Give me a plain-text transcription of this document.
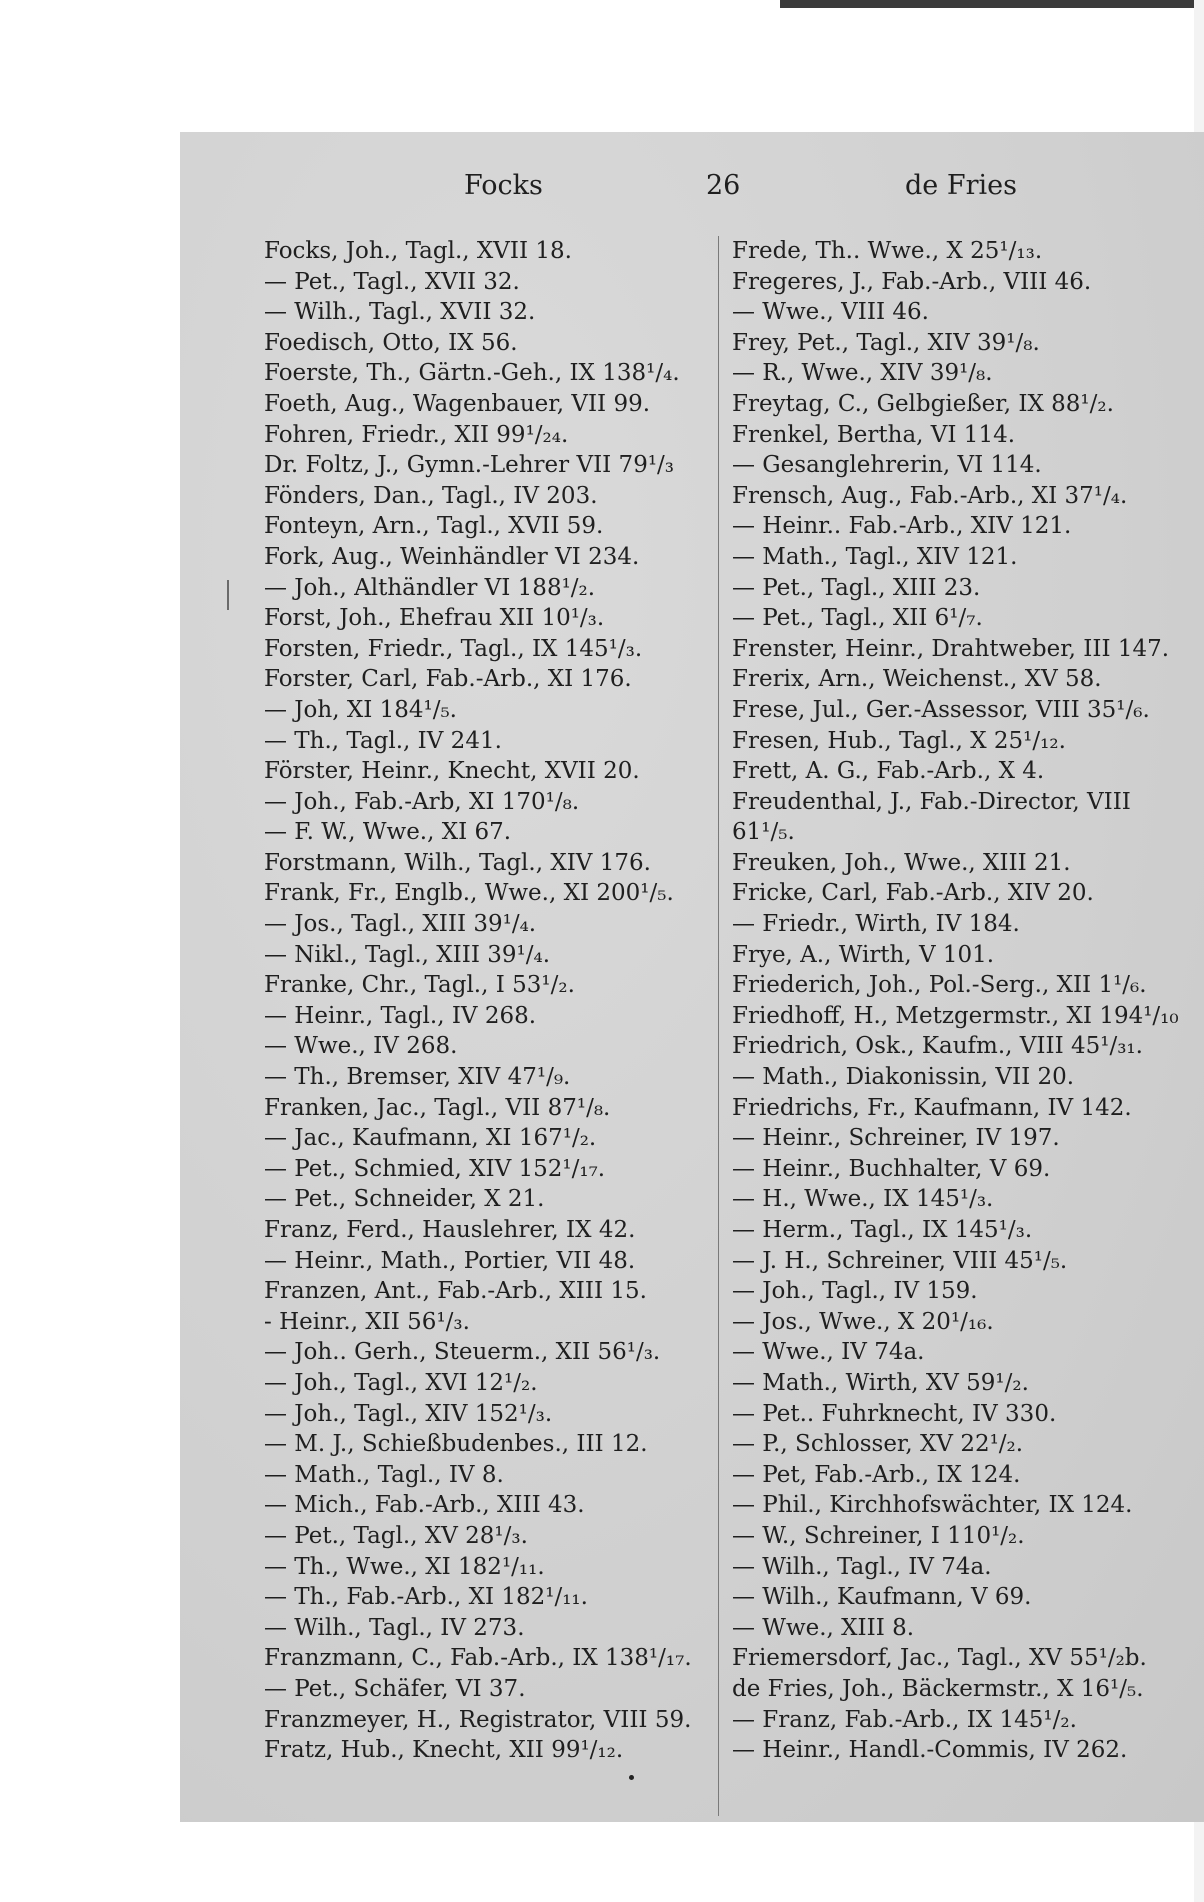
Focks	26	de Fries
Focks, Joh., Tagl., XVII 18.
— Pet., Tagl., XVII 32.
— Wilh., Tagl., XVII 32.
Foedisch, Otto, IX 56.
Foerste, Th., Gärtn.-Geh., IX 138¹/₄.
Foeth, Aug., Wagenbauer, VII 99.
Fohren, Friedr., XII 99¹/₂₄.
Dr. Foltz, J., Gymn.-Lehrer VII 79¹/₃
Fönders, Dan., Tagl., IV 203.
Fonteyn, Arn., Tagl., XVII 59.
Fork, Aug., Weinhändler VI 234.
— Joh., Althändler VI 188¹/₂.
Forst, Joh., Ehefrau XII 10¹/₃.
Forsten, Friedr., Tagl., IX 145¹/₃.
Forster, Carl, Fab.-Arb., XI 176.
— Joh, XI 184¹/₅.
— Th., Tagl., IV 241.
Förster, Heinr., Knecht, XVII 20.
— Joh., Fab.-Arb, XI 170¹/₈.
— F. W., Wwe., XI 67.
Forstmann, Wilh., Tagl., XIV 176.
Frank, Fr., Englb., Wwe., XI 200¹/₅.
— Jos., Tagl., XIII 39¹/₄.
— Nikl., Tagl., XIII 39¹/₄.
Franke, Chr., Tagl., I 53¹/₂.
— Heinr., Tagl., IV 268.
— Wwe., IV 268.
— Th., Bremser, XIV 47¹/₉.
Franken, Jac., Tagl., VII 87¹/₈.
— Jac., Kaufmann, XI 167¹/₂.
— Pet., Schmied, XIV 152¹/₁₇.
— Pet., Schneider, X 21.
Franz, Ferd., Hauslehrer, IX 42.
— Heinr., Math., Portier, VII 48.
Franzen, Ant., Fab.-Arb., XIII 15.
- Heinr., XII 56¹/₃.
— Joh.. Gerh., Steuerm., XII 56¹/₃.
— Joh., Tagl., XVI 12¹/₂.
— Joh., Tagl., XIV 152¹/₃.
— M. J., Schießbudenbes., III 12.
— Math., Tagl., IV 8.
— Mich., Fab.-Arb., XIII 43.
— Pet., Tagl., XV 28¹/₃.
— Th., Wwe., XI 182¹/₁₁.
— Th., Fab.-Arb., XI 182¹/₁₁.
— Wilh., Tagl., IV 273.
Franzmann, C., Fab.-Arb., IX 138¹/₁₇.
— Pet., Schäfer, VI 37.
Franzmeyer, H., Registrator, VIII 59.
Fratz, Hub., Knecht, XII 99¹/₁₂.
Frede, Th.. Wwe., X 25¹/₁₃.
Fregeres, J., Fab.-Arb., VIII 46.
— Wwe., VIII 46.
Frey, Pet., Tagl., XIV 39¹/₈.
— R., Wwe., XIV 39¹/₈.
Freytag, C., Gelbgießer, IX 88¹/₂.
Frenkel, Bertha, VI 114.
— Gesanglehrerin, VI 114.
Frensch, Aug., Fab.-Arb., XI 37¹/₄.
— Heinr.. Fab.-Arb., XIV 121.
— Math., Tagl., XIV 121.
— Pet., Tagl., XIII 23.
— Pet., Tagl., XII 6¹/₇.
Frenster, Heinr., Drahtweber, III 147.
Frerix, Arn., Weichenst., XV 58.
Frese, Jul., Ger.-Assessor, VIII 35¹/₆.
Fresen, Hub., Tagl., X 25¹/₁₂.
Frett, A. G., Fab.-Arb., X 4.
Freudenthal, J., Fab.-Director, VIII
61¹/₅.
Freuken, Joh., Wwe., XIII 21.
Fricke, Carl, Fab.-Arb., XIV 20.
— Friedr., Wirth, IV 184.
Frye, A., Wirth, V 101.
Friederich, Joh., Pol.-Serg., XII 1¹/₆.
Friedhoff, H., Metzgermstr., XI 194¹/₁₀
Friedrich, Osk., Kaufm., VIII 45¹/₃₁.
— Math., Diakonissin, VII 20.
Friedrichs, Fr., Kaufmann, IV 142.
— Heinr., Schreiner, IV 197.
— Heinr., Buchhalter, V 69.
— H., Wwe., IX 145¹/₃.
— Herm., Tagl., IX 145¹/₃.
— J. H., Schreiner, VIII 45¹/₅.
— Joh., Tagl., IV 159.
— Jos., Wwe., X 20¹/₁₆.
— Wwe., IV 74a.
— Math., Wirth, XV 59¹/₂.
— Pet.. Fuhrknecht, IV 330.
— P., Schlosser, XV 22¹/₂.
— Pet, Fab.-Arb., IX 124.
— Phil., Kirchhofswächter, IX 124.
— W., Schreiner, I 110¹/₂.
— Wilh., Tagl., IV 74a.
— Wilh., Kaufmann, V 69.
— Wwe., XIII 8.
Friemersdorf, Jac., Tagl., XV 55¹/₂b.
de Fries, Joh., Bäckermstr., X 16¹/₅.
— Franz, Fab.-Arb., IX 145¹/₂.
— Heinr., Handl.-Commis, IV 262.
